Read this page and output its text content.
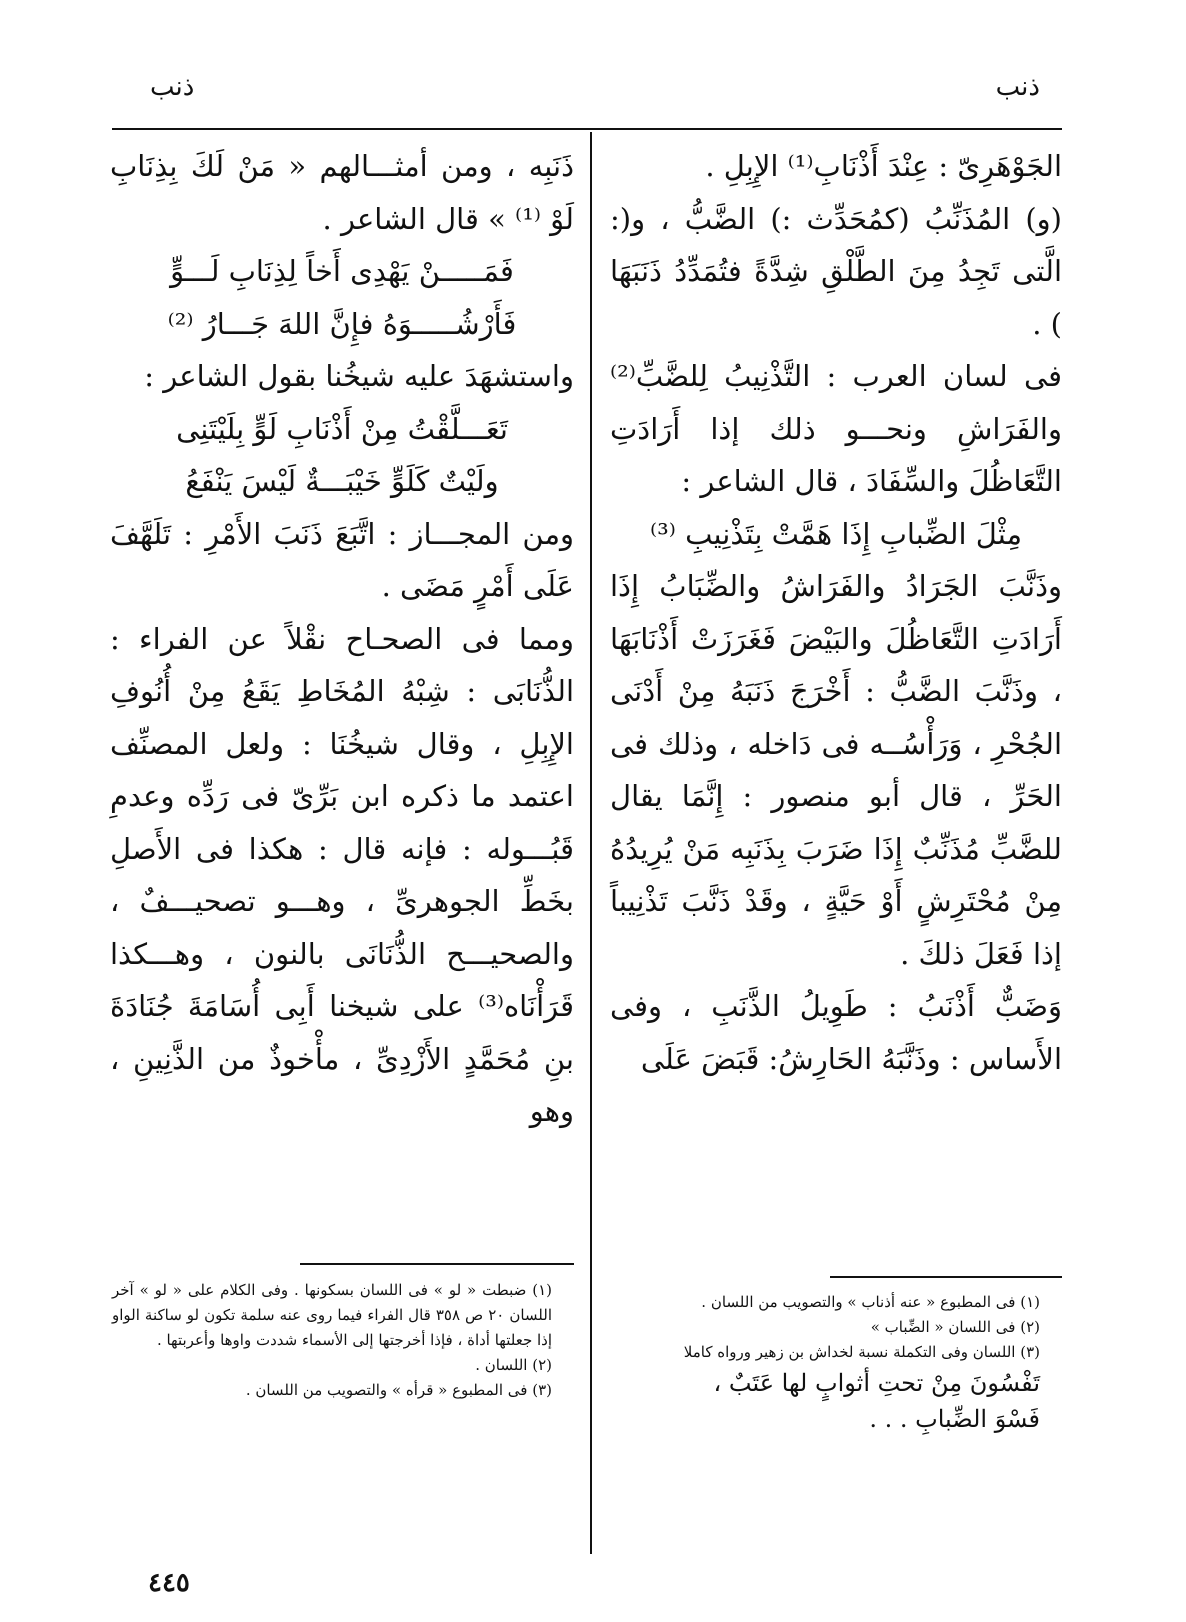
ذنب
ذنب

الجَوْهَرِىّ : عِنْدَ أَذْنَابِ⁽¹⁾ الإِبِلِ .

(و) المُذَنِّبُ (كمُحَدِّث :) الضَّبُّ ، و(: الَّتى تَجِدُ مِنَ الطَّلْقِ شِدَّةً فتُمَدِّدُ ذَنَبَهَا ) .

فى لسان العرب : التَّذْنِيبُ لِلضَّبِّ⁽²⁾ والفَرَاشِ ونحـــو ذلك إذا أَرَادَتِ التَّعَاظُلَ والسِّفَادَ ، قال الشاعر :

مِثْلَ الضِّبابِ إِذَا هَمَّتْ بِتَذْنِيبِ ⁽³⁾

وذَنَّبَ الجَرَادُ والفَرَاشُ والضِّبَابُ إِذَا أَرَادَتِ التَّعَاظُلَ والبَيْضَ فَغَرَزَتْ أَذْنَابَهَا ، وذَنَّبَ الضَّبُّ : أَخْرَجَ ذَنَبَهُ مِنْ أَدْنَى الجُحْرِ ، وَرَأْسُــه فى دَاخله ، وذلك فى الحَرِّ ، قال أبو منصور : إِنَّمَا يقال للضَّبِّ مُذَنِّبٌ إِذَا ضَرَبَ بِذَنَبِه مَنْ يُرِيدُهُ مِنْ مُحْتَرِشٍ أَوْ حَيَّةٍ ، وقَدْ ذَنَّبَ تَذْنِيباً إذا فَعَلَ ذلكَ .

وَضَبٌّ أَذْنَبُ : طَوِيلُ الذَّنَبِ ، وفى الأَساس : وذَنَّبَهُ الحَارِشُ: قَبَضَ عَلَى

ذَنَبِه ، ومن أمثـــالهم « مَنْ لَكَ بِذِنَابِ لَوْ ⁽¹⁾ » قال الشاعر .

فَمَـــــنْ يَهْدِى أَخاً لِذِنَابِ لَـــوٍّ

فَأَرْشُـــــوَهُ فإِنَّ اللهَ جَـــارُ ⁽²⁾

واستشهَدَ عليه شيخُنا بقول الشاعر :

تَعَـــلَّقْتُ مِنْ أَذْنَابِ لَوٍّ بِلَيْتَنِى

ولَيْتٌ كَلَوٍّ خَيْبَـــةٌ لَيْسَ يَنْفَعُ

ومن المجـــاز : اتَّبَعَ ذَنَبَ الأَمْرِ : تَلَهَّفَ عَلَى أَمْرٍ مَضَى .

ومما فى الصحـاح نقْلاً عن الفراء : الذُّنَابَى : شِبْهُ المُخَاطِ يَقَعُ مِنْ أُنُوفِ الإِبِلِ ، وقال شيخُنَا : ولعل المصنِّف اعتمد ما ذكره ابن بَرِّىّ فى رَدِّه وعدمِ قَبُـــوله : فإنه قال : هكذا فى الأَصلِ بخَطِّ الجوهرىِّ ، وهـــو تصحيـــفٌ ، والصحيـــح الذُّنَانَى بالنون ، وهـــكذا قَرَأْنَاه⁽³⁾ على شيخنا أَبِى أُسَامَةَ جُنَادَةَ بنِ مُحَمَّدٍ الأَزْدِىِّ ، مأْخوذٌ من الذَّنِينِ ، وهو

(١) فى المطبوع « عنه أذناب » والتصويب من اللسان .

(٢) فى اللسان « الضِّباب »

(٣) اللسان وفى التكملة نسبة لخداش بن زهير ورواه كاملا

تَفْسُونَ مِنْ تحتِ أثوابٍ لها عَتَبٌ ،

فَسْوَ الضِّبابِ . . .

(١) ضبطت « لو » فى اللسان بسكونها . وفى الكلام على « لو » آخر اللسان ٢٠ ص ٣٥٨ قال الفراء فيما روى عنه سلمة تكون لو ساكنة الواو إذا جعلتها أداة ، فإذا أخرجتها إلى الأسماء شددت واوها وأعربتها .

(٢) اللسان .

(٣) فى المطبوع « قرأه » والتصويب من اللسان .

٤٤٥
